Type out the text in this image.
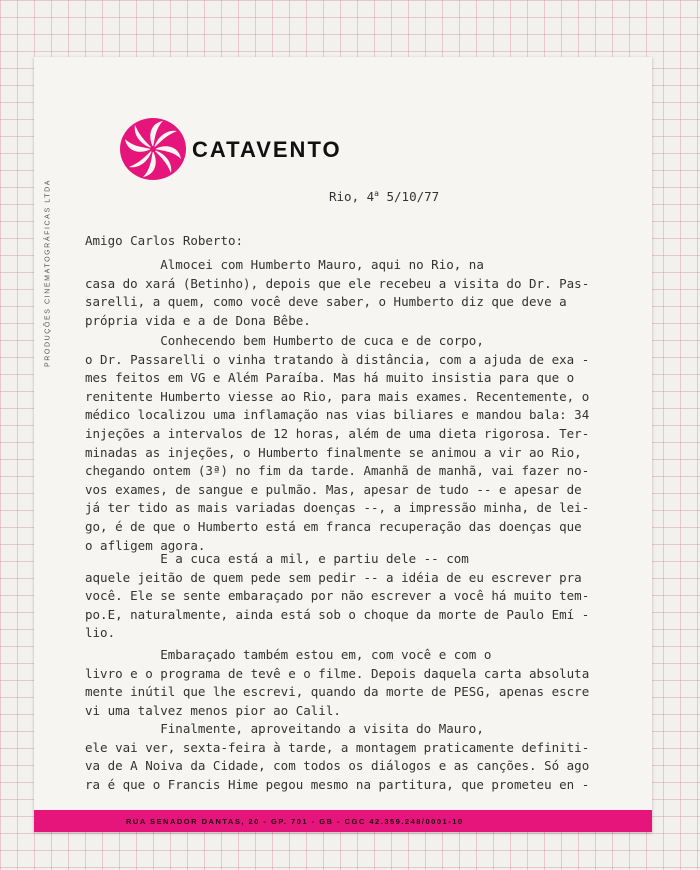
CATAVENTO
PRODUÇÕES CINEMATOGRÁFICAS LTDA	Rio, 4$^a$ 5/10/77
Amigo Carlos Roberto:

Almocei com Humberto Mauro, aqui no Rio, na
casa do xará (Betinho), depois que ele recebeu a visita do Dr. Pas-
sarelli, a quem, como você deve saber, o Humberto diz que deve a
própria vida e a de Dona Bêbe.

Conhecendo bem Humberto de cuca e de corpo,
o Dr. Passarelli o vinha tratando à distância, com a ajuda de exa -
mes feitos em VG e Além Paraíba. Mas há muito insistia para que o
renitente Humberto viesse ao Rio, para mais exames. Recentemente, o
médico localizou uma inflamação nas vias biliares e mandou bala: 34
injeções a intervalos de 12 horas, além de uma dieta rigorosa. Ter-
minadas as injeções, o Humberto finalmente se animou a vir ao Rio,
chegando ontem (3ª) no fim da tarde. Amanhã de manhã, vai fazer no-
vos exames, de sangue e pulmão. Mas, apesar de tudo -- e apesar de
já ter tido as mais variadas doenças --, a impressão minha, de lei-
go, é de que o Humberto está em franca recuperação das doenças que
o afligem agora.

E a cuca está a mil, e partiu dele -- com
aquele jeitão de quem pede sem pedir -- a idéia de eu escrever pra
você. Ele se sente embaraçado por não escrever a você há muito tem-
po.E, naturalmente, ainda está sob o choque da morte de Paulo Emí -
lio.

Embaraçado também estou em, com você e com o
livro e o programa de tevê e o filme. Depois daquela carta absoluta
mente inútil que lhe escrevi, quando da morte de PESG, apenas escre
vi uma talvez menos pior ao Calil.

Finalmente, aproveitando a visita do Mauro,
ele vai ver, sexta-feira à tarde, a montagem praticamente definiti-
va de A Noiva da Cidade, com todos os diálogos e as canções. Só ago
ra é que o Francis Hime pegou mesmo na partitura, que prometeu en -

RUA SENADOR DANTAS, 20 - GP. 701 - GB - CGC 42.359.248/0001-10
